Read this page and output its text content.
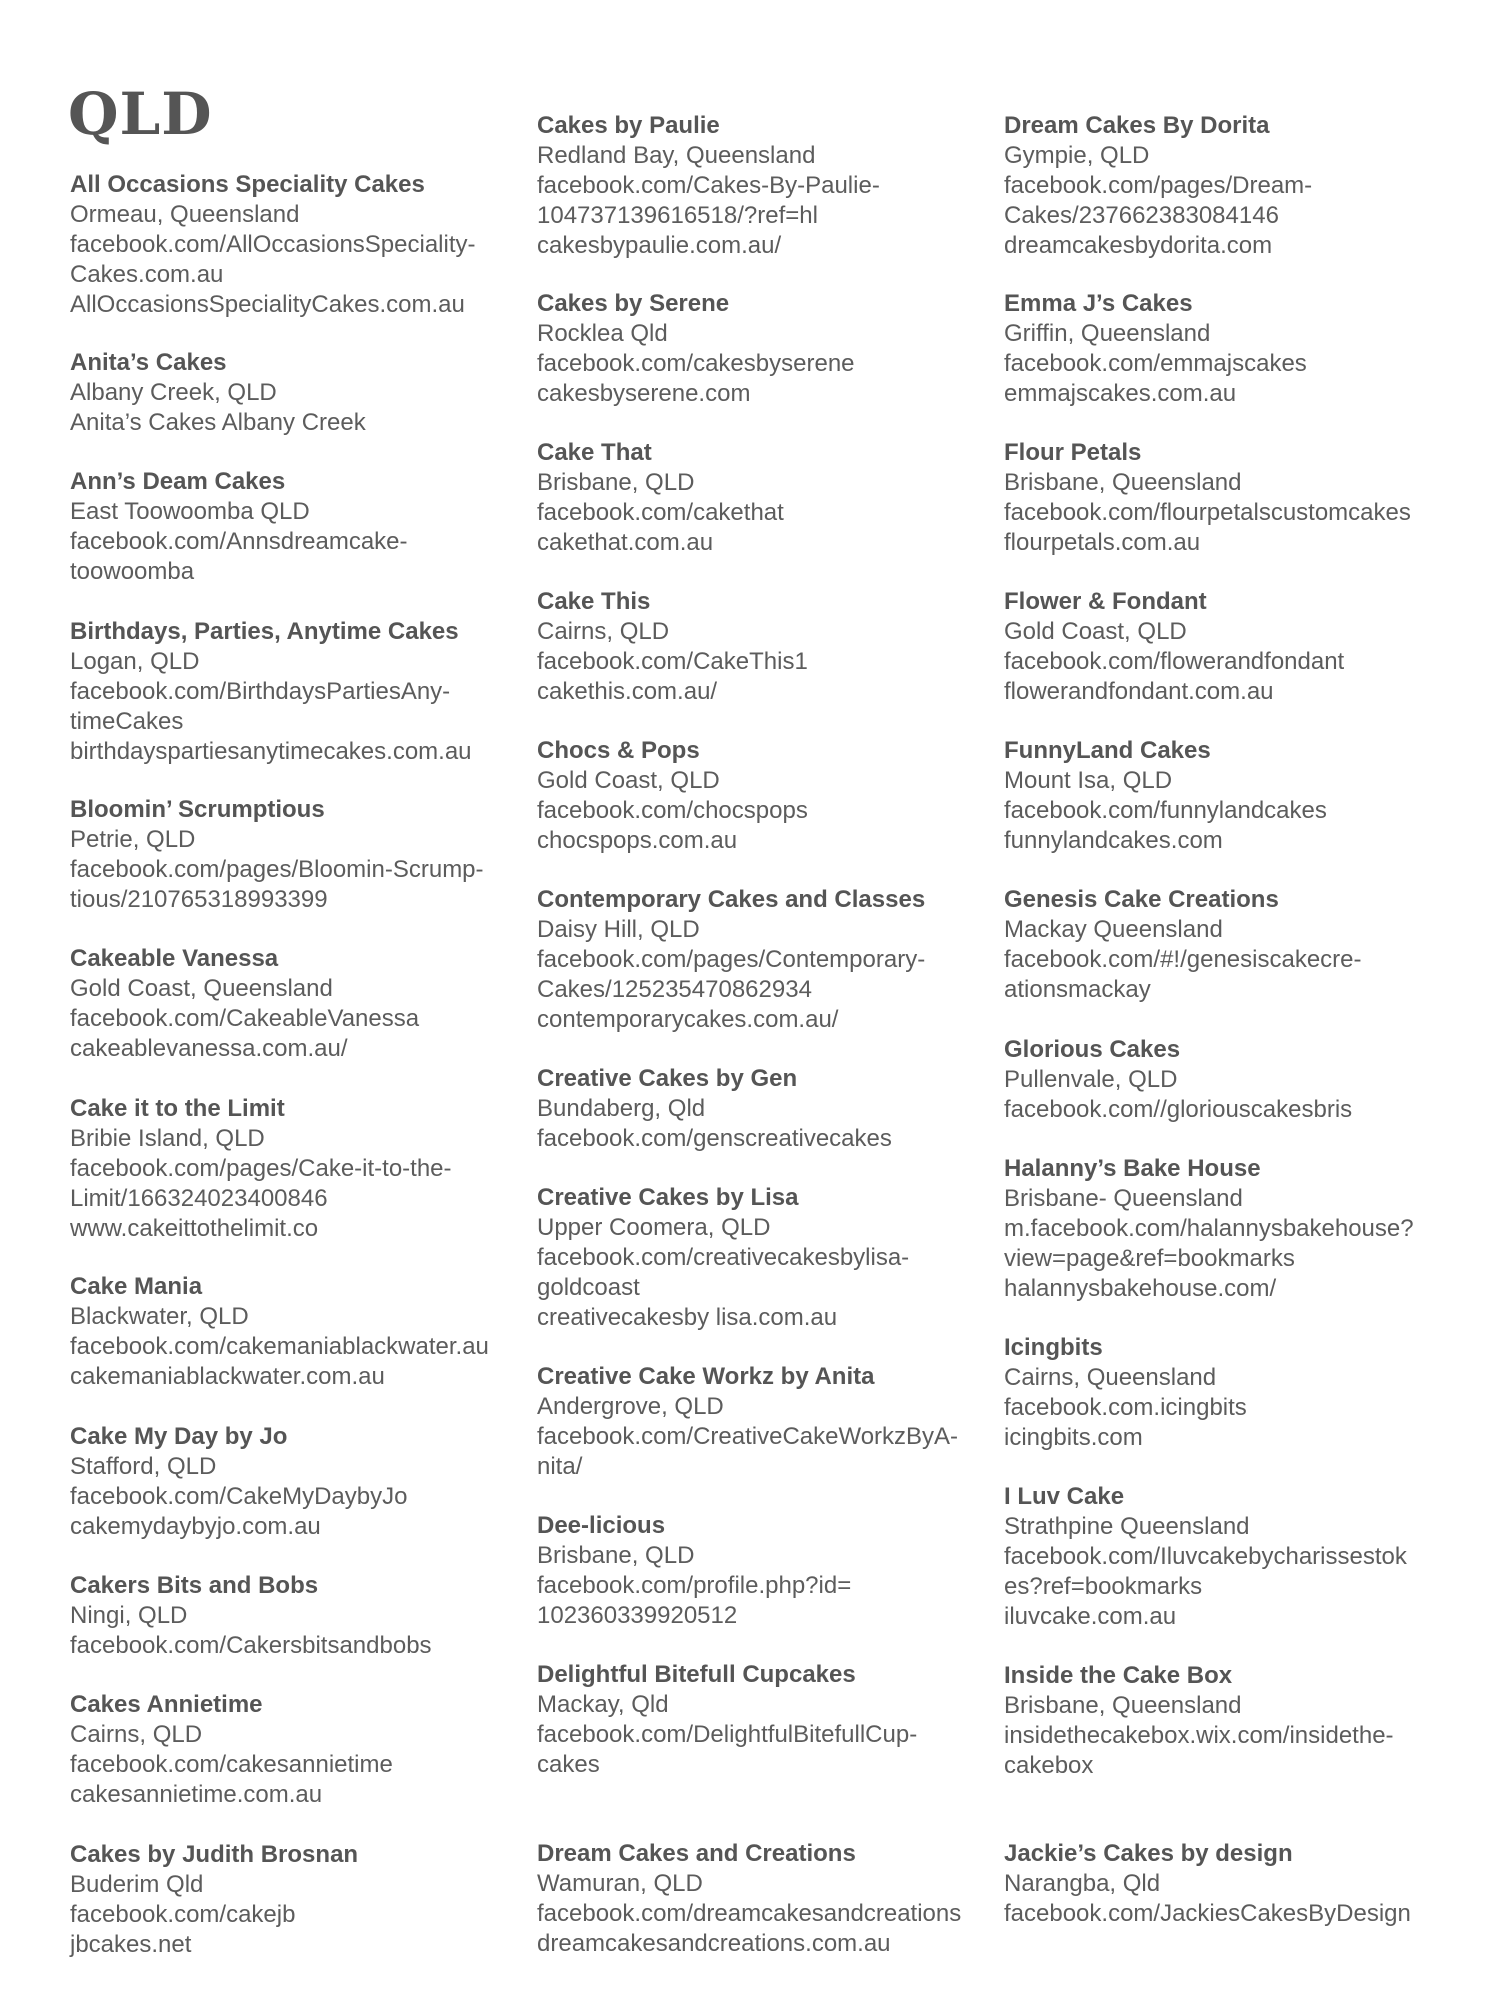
QLD
All Occasions Speciality Cakes
Ormeau, Queensland
facebook.com/AllOccasionsSpeciality-
Cakes.com.au
AllOccasionsSpecialityCakes.com.au
Anita’s Cakes
Albany Creek, QLD
Anita’s Cakes Albany Creek
Ann’s Deam Cakes
East Toowoomba QLD
facebook.com/Annsdreamcake-
toowoomba
Birthdays, Parties, Anytime Cakes
Logan, QLD
facebook.com/BirthdaysPartiesAny-
timeCakes
birthdayspartiesanytimecakes.com.au
Bloomin’ Scrumptious
Petrie, QLD
facebook.com/pages/Bloomin-Scrump-
tious/210765318993399
Cakeable Vanessa
Gold Coast, Queensland
facebook.com/CakeableVanessa
cakeablevanessa.com.au/
Cake it to the Limit
Bribie Island, QLD
facebook.com/pages/Cake-it-to-the-
Limit/166324023400846
www.cakeittothelimit.co
Cake Mania
Blackwater, QLD
facebook.com/cakemaniablackwater.au
cakemaniablackwater.com.au
Cake My Day by Jo
Stafford, QLD
facebook.com/CakeMyDaybyJo
cakemydaybyjo.com.au
Cakers Bits and Bobs
Ningi, QLD
facebook.com/Cakersbitsandbobs
Cakes Annietime
Cairns, QLD
facebook.com/cakesannietime
cakesannietime.com.au
Cakes by Judith Brosnan
Buderim Qld
facebook.com/cakejb
jbcakes.net
Cakes by Paulie
Redland Bay, Queensland
facebook.com/Cakes-By-Paulie-
104737139616518/?ref=hl
cakesbypaulie.com.au/
Cakes by Serene
Rocklea Qld
facebook.com/cakesbyserene
cakesbyserene.com
Cake That
Brisbane, QLD
facebook.com/cakethat
cakethat.com.au
Cake This
Cairns, QLD
facebook.com/CakeThis1
cakethis.com.au/
Chocs & Pops
Gold Coast, QLD
facebook.com/chocspops
chocspops.com.au
Contemporary Cakes and Classes
Daisy Hill, QLD
facebook.com/pages/Contemporary-
Cakes/125235470862934
contemporarycakes.com.au/
Creative Cakes by Gen
Bundaberg, Qld
facebook.com/genscreativecakes
Creative Cakes by Lisa
Upper Coomera, QLD
facebook.com/creativecakesbylisa-
goldcoast
creativecakesby lisa.com.au
Creative Cake Workz by Anita
Andergrove, QLD
facebook.com/CreativeCakeWorkzByA-
nita/
Dee-licious
Brisbane, QLD
facebook.com/profile.php?id=
102360339920512
Delightful Bitefull Cupcakes
Mackay, Qld
facebook.com/DelightfulBitefullCup-
cakes
Dream Cakes and Creations
Wamuran, QLD
facebook.com/dreamcakesandcreations
dreamcakesandcreations.com.au
Dream Cakes By Dorita
Gympie, QLD
facebook.com/pages/Dream-
Cakes/237662383084146
dreamcakesbydorita.com
Emma J’s Cakes
Griffin, Queensland
facebook.com/emmajscakes
emmajscakes.com.au
Flour Petals
Brisbane, Queensland
facebook.com/flourpetalscustomcakes
flourpetals.com.au
Flower & Fondant
Gold Coast, QLD
facebook.com/flowerandfondant
flowerandfondant.com.au
FunnyLand Cakes
Mount Isa, QLD
facebook.com/funnylandcakes
funnylandcakes.com
Genesis Cake Creations
Mackay Queensland
facebook.com/#!/genesiscakecre-
ationsmackay
Glorious Cakes
Pullenvale, QLD
facebook.com//gloriouscakesbris
Halanny’s Bake House
Brisbane- Queensland
m.facebook.com/halannysbakehouse?
view=page&ref=bookmarks
halannysbakehouse.com/
Icingbits
Cairns, Queensland
facebook.com.icingbits
icingbits.com
I Luv Cake
Strathpine Queensland
facebook.com/Iluvcakebycharissestok
es?ref=bookmarks
iluvcake.com.au
Inside the Cake Box
Brisbane, Queensland
insidethecakebox.wix.com/insidethe-
cakebox
Jackie’s Cakes by design
Narangba, Qld
facebook.com/JackiesCakesByDesign
